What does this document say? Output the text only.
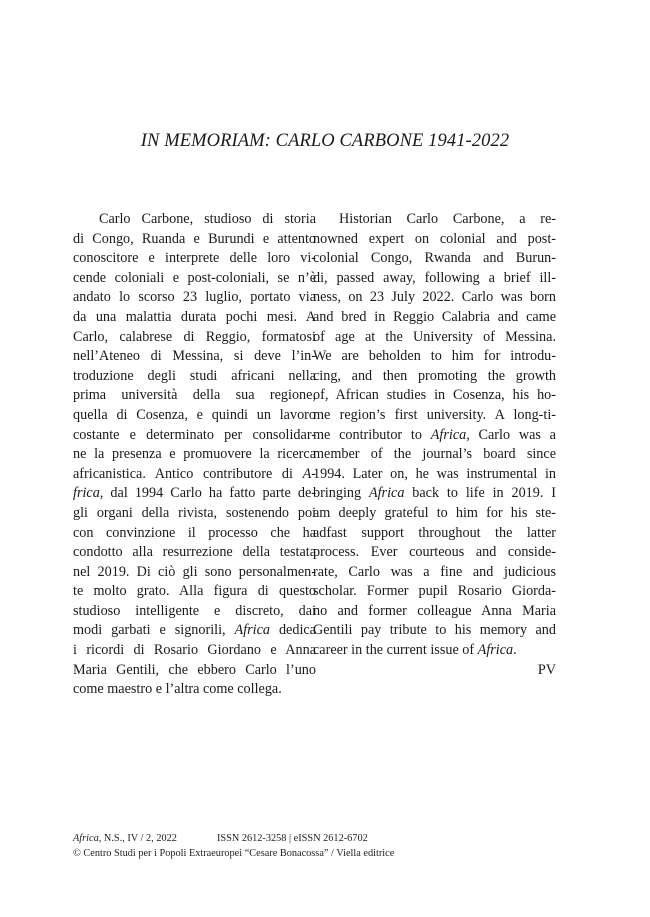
IN MEMORIAM: CARLO CARBONE 1941-2022
Carlo Carbone, studioso di storia
di Congo, Ruanda e Burundi e attento
conoscitore e interprete delle loro vi-
cende coloniali e post-coloniali, se n’è
andato lo scorso 23 luglio, portato via
da una malattia durata pochi mesi. A
Carlo, calabrese di Reggio, formatosi
nell’Ateneo di Messina, si deve l’in-
troduzione degli studi africani nella
prima università della sua regione,
quella di Cosenza, e quindi un lavoro
costante e determinato per consolidar-
ne la presenza e promuovere la ricerca
africanistica. Antico contributore di A-
frica, dal 1994 Carlo ha fatto parte de-
gli organi della rivista, sostenendo poi
con convinzione il processo che ha
condotto alla resurrezione della testata
nel 2019. Di ciò gli sono personalmen-
te molto grato. Alla figura di questo
studioso intelligente e discreto, dai
modi garbati e signorili, Africa dedica
i ricordi di Rosario Giordano e Anna
Maria Gentili, che ebbero Carlo l’uno
come maestro e l’altra come collega.
Historian Carlo Carbone, a re-
nowned expert on colonial and post-
colonial Congo, Rwanda and Burun-
di, passed away, following a brief ill-
ness, on 23 July 2022. Carlo was born
and bred in Reggio Calabria and came
of age at the University of Messina.
We are beholden to him for introdu-
cing, and then promoting the growth
of, African studies in Cosenza, his ho-
me region’s first university. A long-ti-
me contributor to Africa, Carlo was a
member of the journal’s board since
1994. Later on, he was instrumental in
bringing Africa back to life in 2019. I
am deeply grateful to him for his ste-
adfast support throughout the latter
process. Ever courteous and conside-
rate, Carlo was a fine and judicious
scholar. Former pupil Rosario Giorda-
no and former colleague Anna Maria
Gentili pay tribute to his memory and
career in the current issue of Africa.
PV
Africa, N.S., IV / 2, 2022	ISSN 2612-3258 | eISSN 2612-6702
© Centro Studi per i Popoli Extraeuropei “Cesare Bonacossa” / Viella editrice
